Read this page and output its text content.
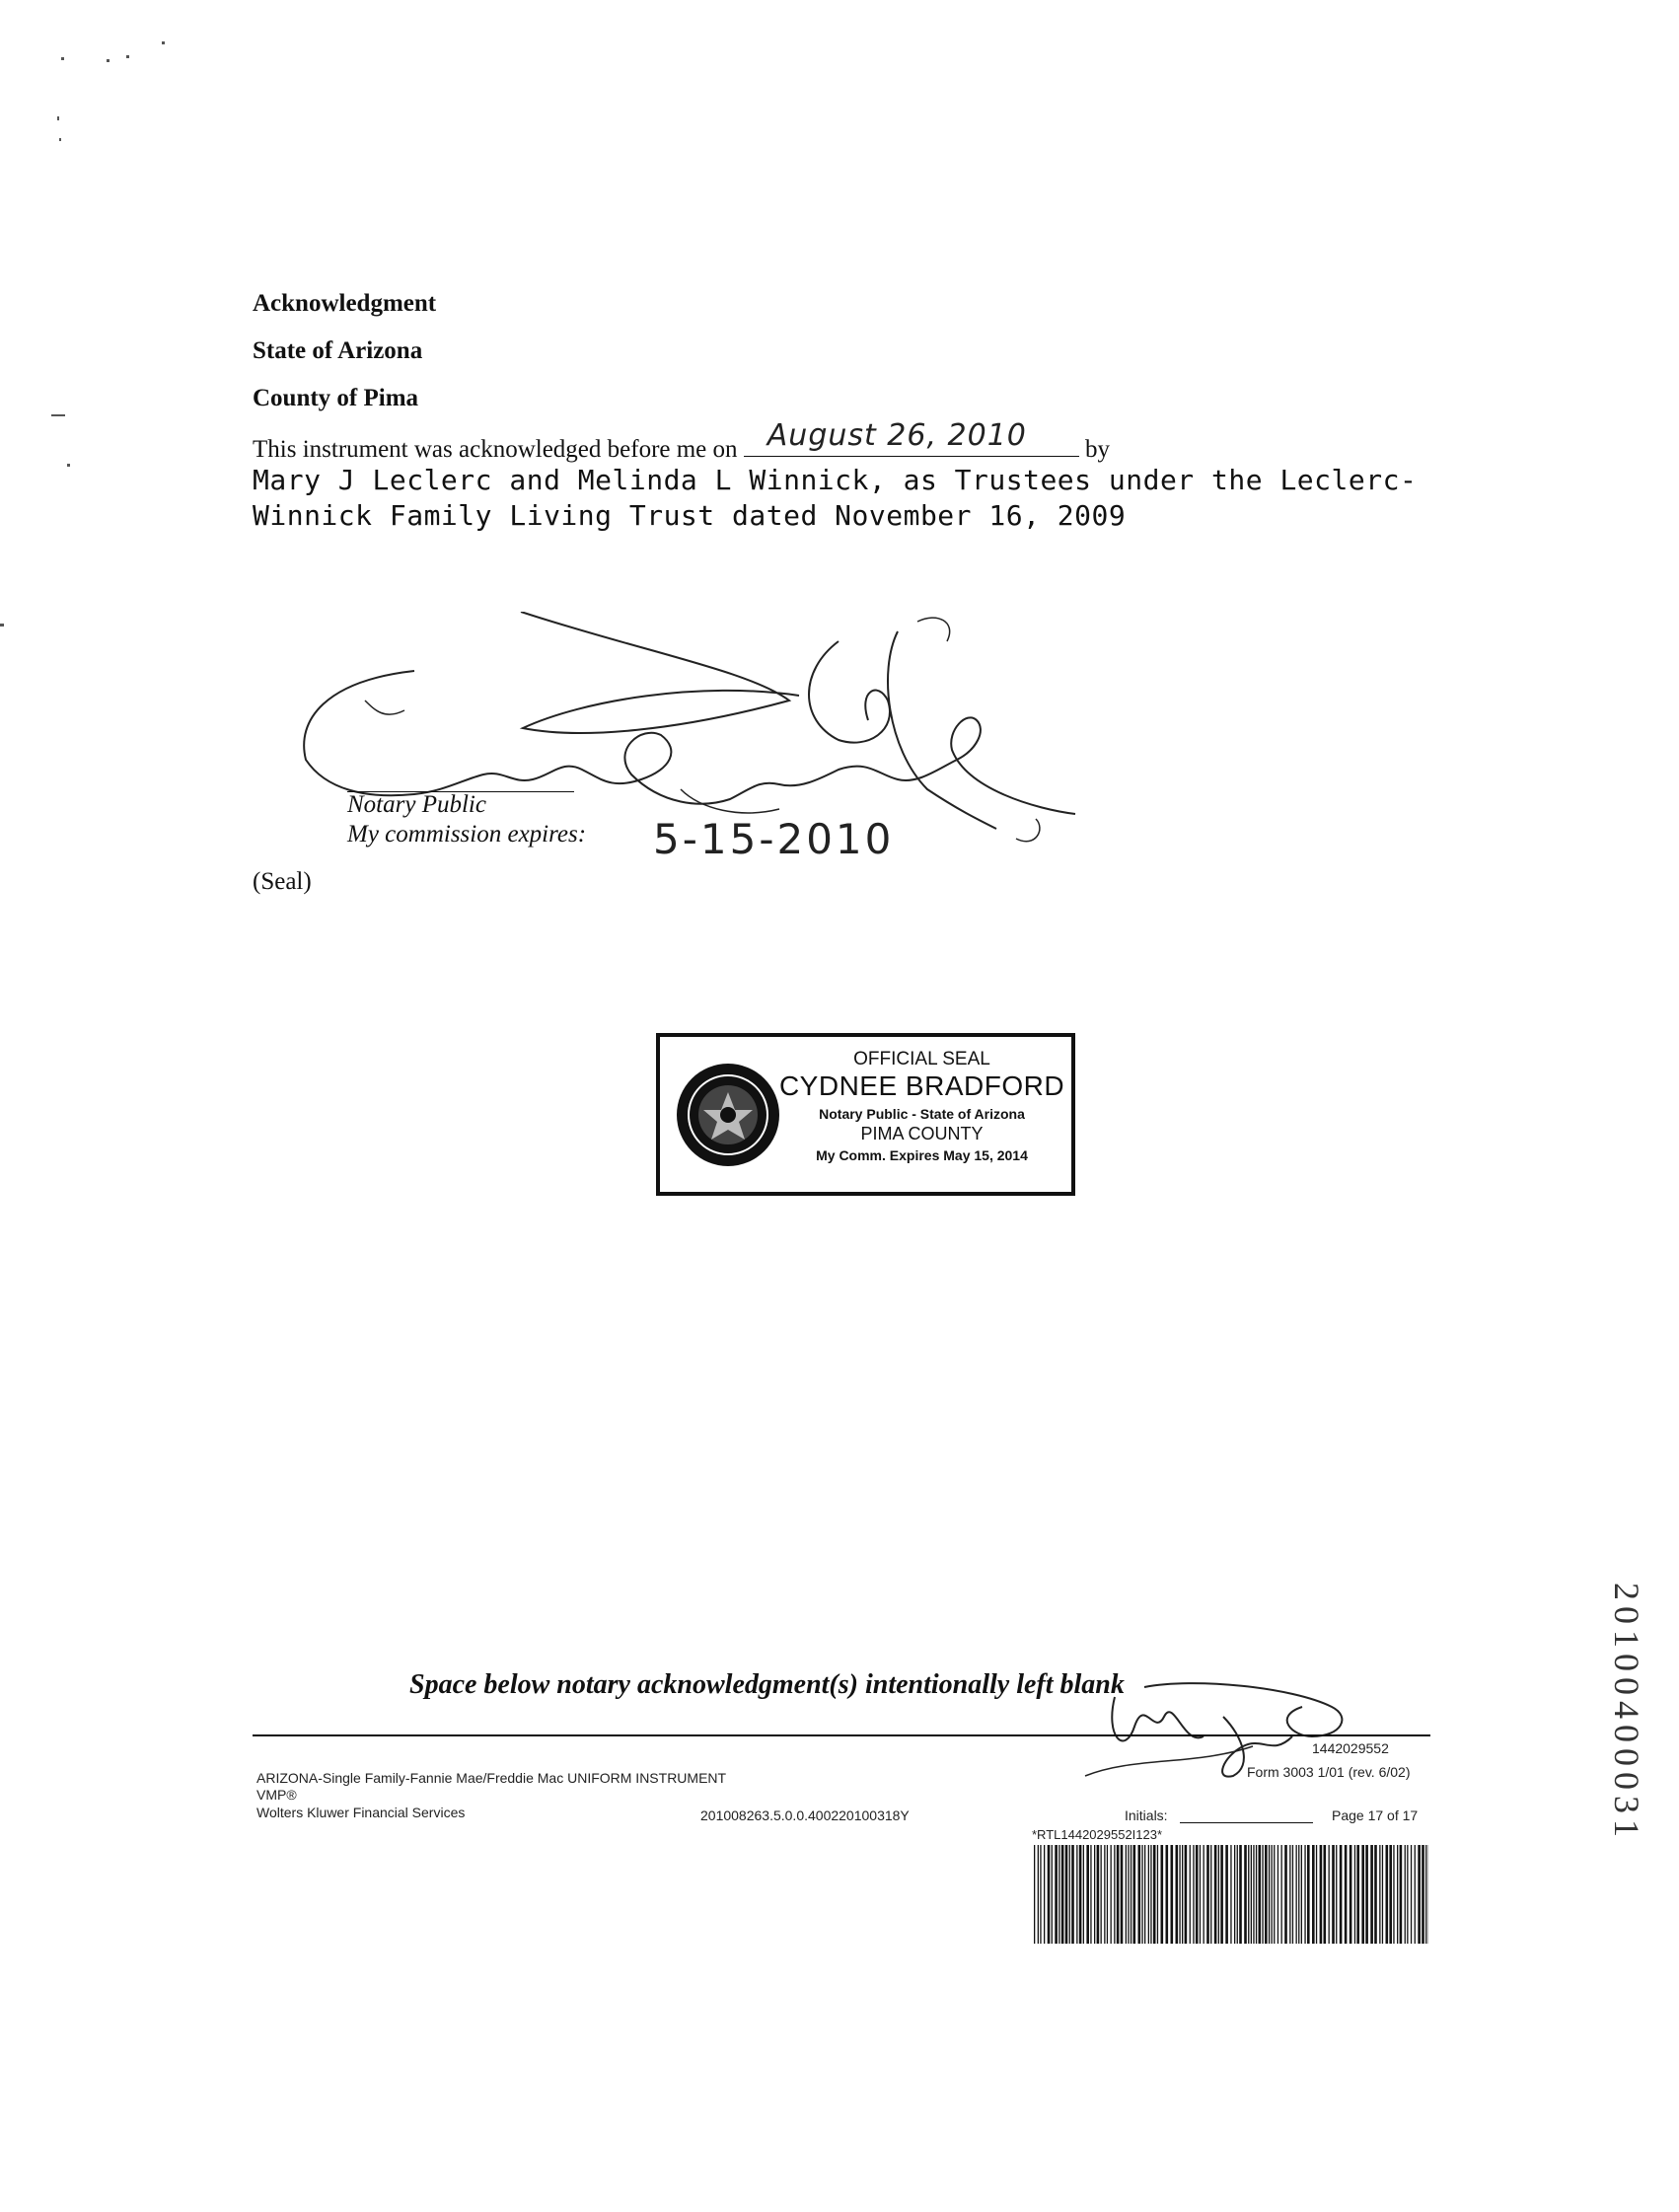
Acknowledgment
State of Arizona
County of Pima
This instrument was acknowledged before me on August 26, 2010 by
Mary J Leclerc and Melinda L Winnick, as Trustees under the Leclerc-
Winnick Family Living Trust dated November 16, 2009
Notary Public
My commission expires: 5-15-2010
(Seal)
OFFICIAL SEAL
CYDNEE BRADFORD
Notary Public - State of Arizona
PIMA COUNTY
My Comm. Expires May 15, 2014
20100400031
Space below notary acknowledgment(s) intentionally left blank
1442029552
ARIZONA-Single Family-Fannie Mae/Freddie Mac UNIFORM INSTRUMENT	Form 3003 1/01 (rev. 6/02)
VMP®
Wolters Kluwer Financial Services	201008263.5.0.0.400220100318Y	Initials:	Page 17 of 17
*RTL1442029552I123*
